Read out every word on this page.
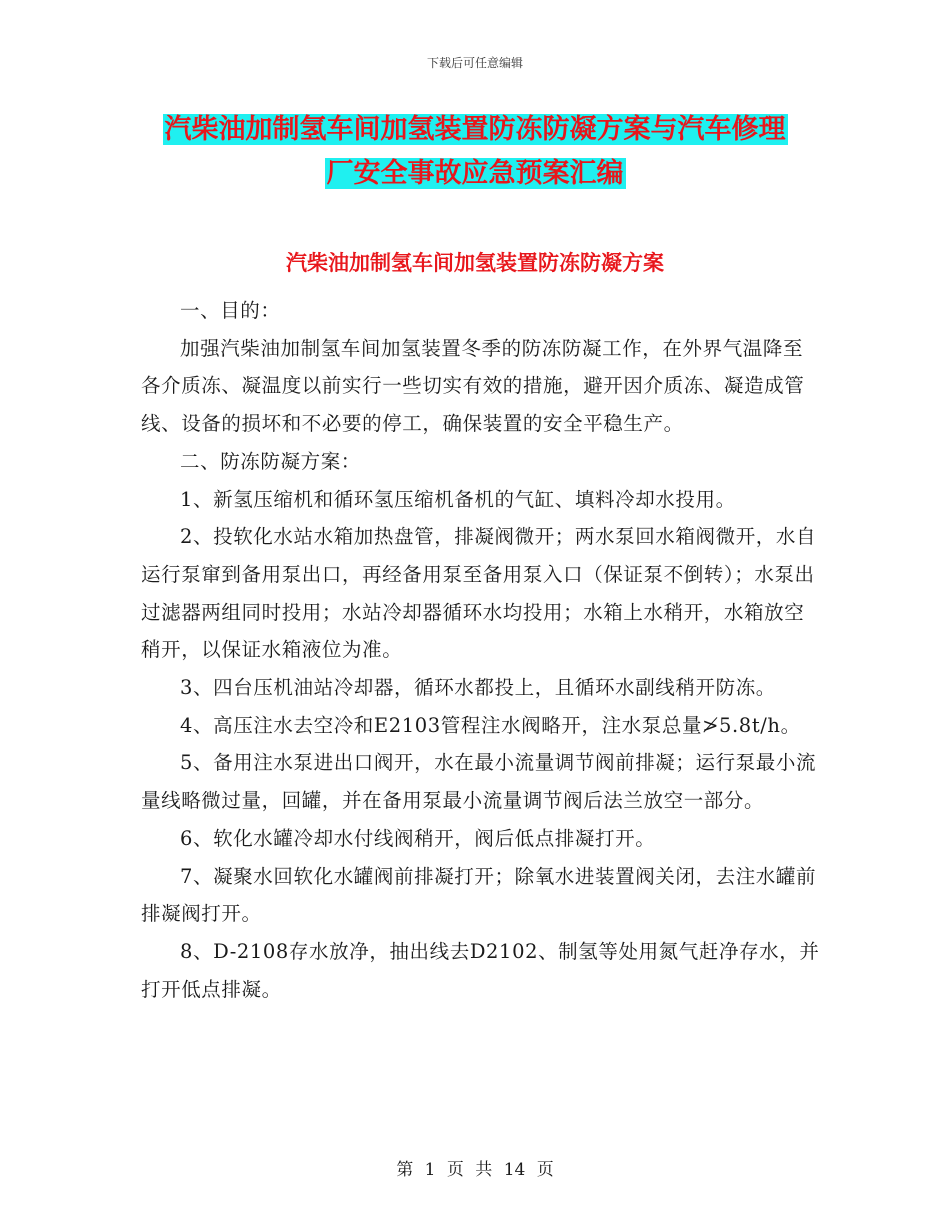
下载后可任意编辑
汽柴油加制氢车间加氢装置防冻防凝方案与汽车修理
厂安全事故应急预案汇编
汽柴油加制氢车间加氢装置防冻防凝方案

一、目的：

加强汽柴油加制氢车间加氢装置冬季的防冻防凝工作，在外界气温降至各介质冻、凝温度以前实行一些切实有效的措施，避开因介质冻、凝造成管线、设备的损坏和不必要的停工，确保装置的安全平稳生产。

二、防冻防凝方案：

1、新氢压缩机和循环氢压缩机备机的气缸、填料冷却水投用。

2、投软化水站水箱加热盘管，排凝阀微开；两水泵回水箱阀微开，水自运行泵窜到备用泵出口，再经备用泵至备用泵入口（保证泵不倒转）；水泵出过滤器两组同时投用；水站冷却器循环水均投用；水箱上水稍开，水箱放空稍开，以保证水箱液位为准。

3、四台压机油站冷却器，循环水都投上，且循环水副线稍开防冻。

4、高压注水去空冷和E2103管程注水阀略开，注水泵总量≯5.8t/h。

5、备用注水泵进出口阀开，水在最小流量调节阀前排凝；运行泵最小流量线略微过量，回罐，并在备用泵最小流量调节阀后法兰放空一部分。

6、软化水罐冷却水付线阀稍开，阀后低点排凝打开。

7、凝聚水回软化水罐阀前排凝打开；除氧水进装置阀关闭，去注水罐前排凝阀打开。

8、D-2108存水放净，抽出线去D2102、制氢等处用氮气赶净存水，并打开低点排凝。

第 1 页 共 14 页
